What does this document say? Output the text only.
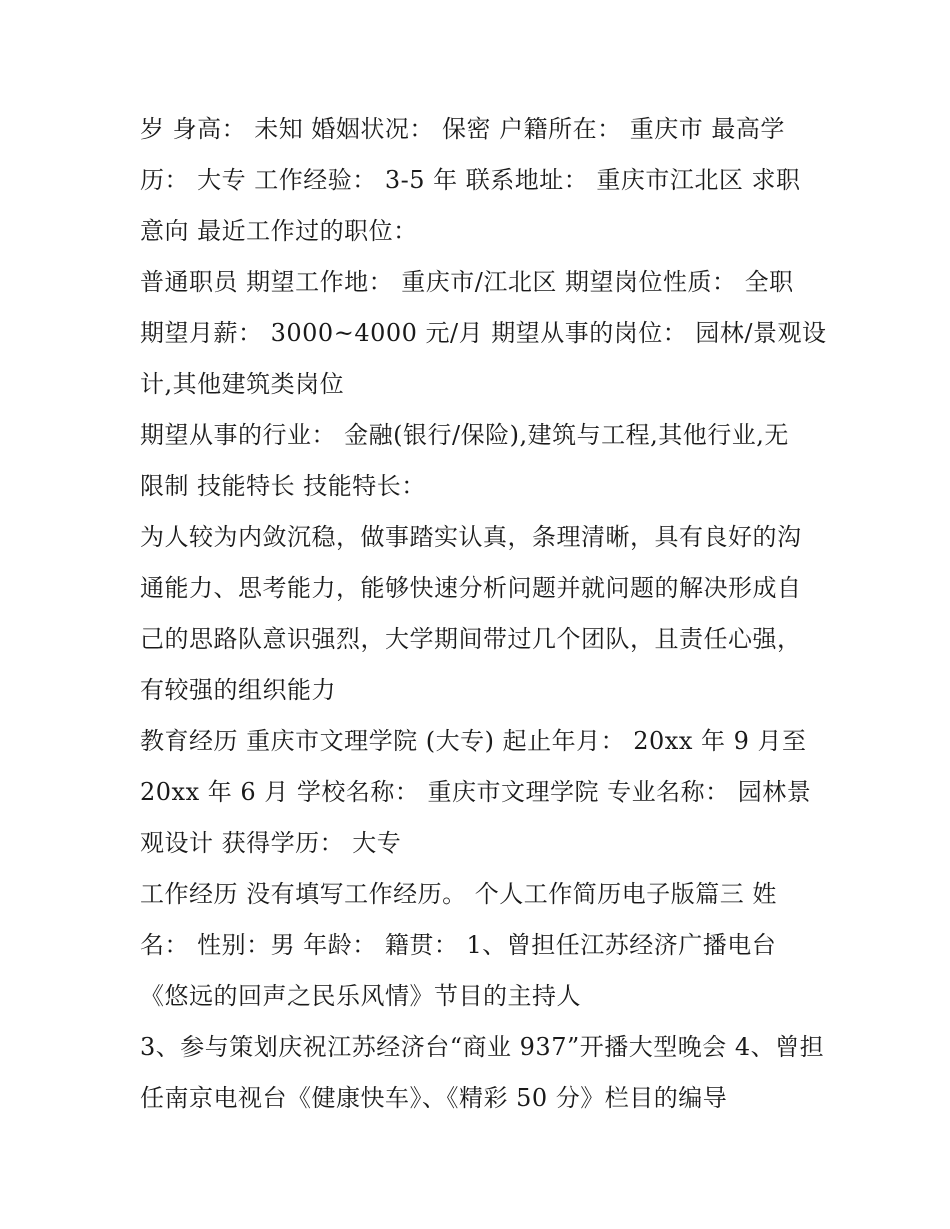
岁 身高： 未知 婚姻状况： 保密 户籍所在： 重庆市 最高学
历： 大专 工作经验： 3-5 年 联系地址： 重庆市江北区 求职
意向 最近工作过的职位：
普通职员 期望工作地： 重庆市/江北区 期望岗位性质： 全职
期望月薪： 3000~4000 元/月 期望从事的岗位： 园林/景观设
计,其他建筑类岗位
期望从事的行业： 金融(银行/保险),建筑与工程,其他行业,无
限制 技能特长 技能特长：
为人较为内敛沉稳，做事踏实认真，条理清晰，具有良好的沟
通能力、思考能力，能够快速分析问题并就问题的解决形成自
己的思路队意识强烈，大学期间带过几个团队，且责任心强，
有较强的组织能力
教育经历 重庆市文理学院 (大专) 起止年月： 20xx 年 9 月至
20xx 年 6 月 学校名称： 重庆市文理学院 专业名称： 园林景
观设计 获得学历： 大专
工作经历 没有填写工作经历。 个人工作简历电子版篇三 姓
名： 性别：男 年龄： 籍贯： 1、曾担任江苏经济广播电台
《悠远的回声之民乐风情》节目的主持人
3、参与策划庆祝江苏经济台“商业 937”开播大型晚会 4、曾担
任南京电视台《健康快车》、《精彩 50 分》栏目的编导
